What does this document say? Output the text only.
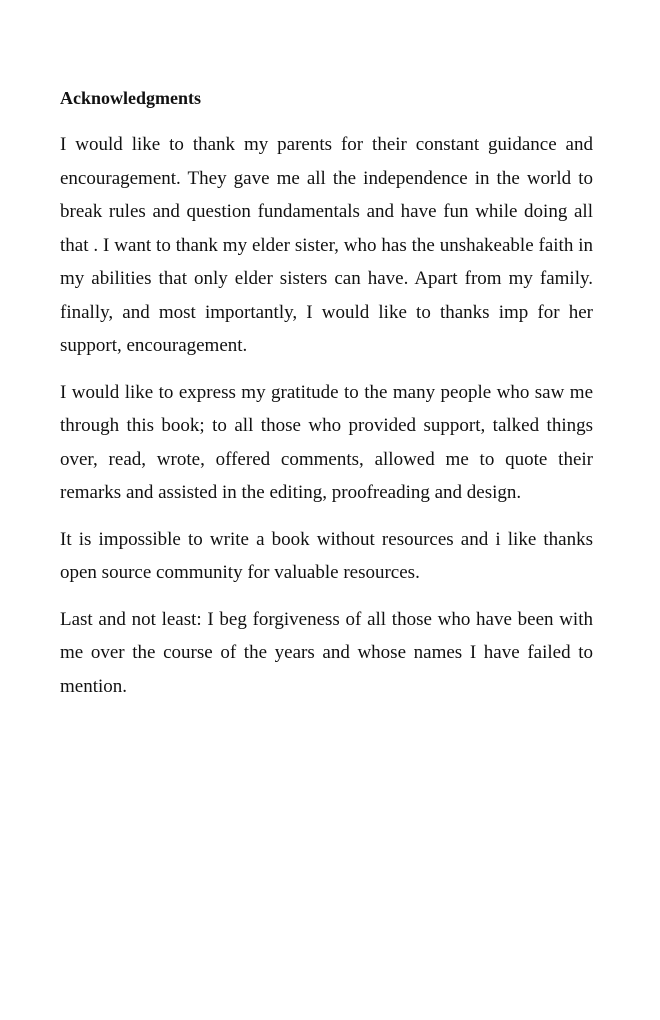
Acknowledgments

I would like to thank my parents for their constant guidance and encouragement. They gave me all the independence in the world to break rules and question fundamentals and have fun while doing all that . I want to thank my elder sister, who has the unshakeable faith in my abilities that only elder sisters can have. Apart from my family. finally, and most importantly, I would like to thanks imp for her support, encouragement.

I would like to express my gratitude to the many people who saw me through this book; to all those who provided support, talked things over, read, wrote, offered comments, allowed me to quote their remarks and assisted in the editing, proofreading and design.

It is impossible to write a book without resources and i like thanks open source community for valuable resources.

Last and not least: I beg forgiveness of all those who have been with me over the course of the years and whose names I have failed to mention.
